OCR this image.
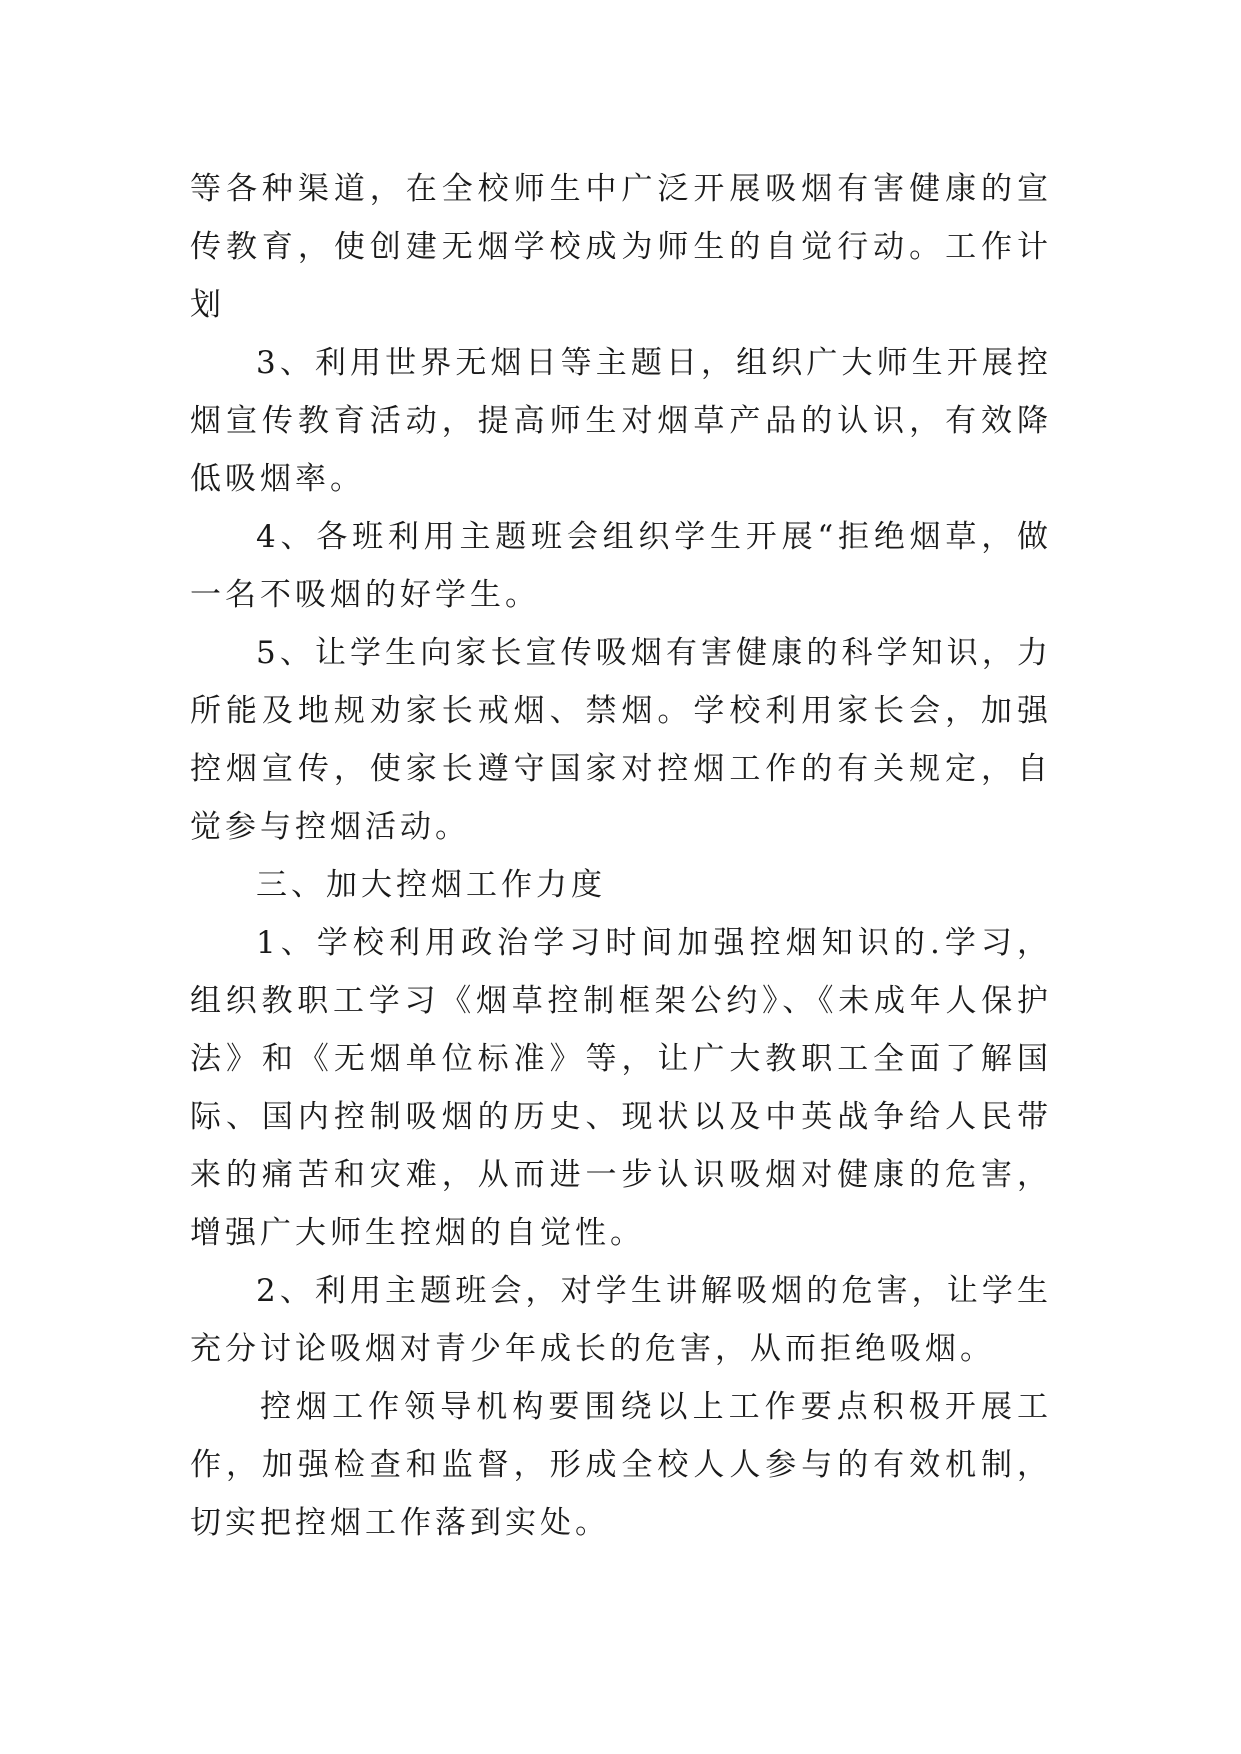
等各种渠道，在全校师生中广泛开展吸烟有害健康的宣传教育，使创建无烟学校成为师生的自觉行动。工作计划

3、利用世界无烟日等主题日，组织广大师生开展控烟宣传教育活动，提高师生对烟草产品的认识，有效降低吸烟率。

4、各班利用主题班会组织学生开展“拒绝烟草，做一名不吸烟的好学生。

5、让学生向家长宣传吸烟有害健康的科学知识，力所能及地规劝家长戒烟、禁烟。学校利用家长会，加强控烟宣传，使家长遵守国家对控烟工作的有关规定，自觉参与控烟活动。

三、加大控烟工作力度

1、学校利用政治学习时间加强控烟知识的.学习，组织教职工学习《烟草控制框架公约》、《未成年人保护法》和《无烟单位标准》等，让广大教职工全面了解国际、国内控制吸烟的历史、现状以及中英战争给人民带来的痛苦和灾难，从而进一步认识吸烟对健康的危害，增强广大师生控烟的自觉性。

2、利用主题班会，对学生讲解吸烟的危害，让学生充分讨论吸烟对青少年成长的危害，从而拒绝吸烟。

控烟工作领导机构要围绕以上工作要点积极开展工作，加强检查和监督，形成全校人人参与的有效机制，切实把控烟工作落到实处。
